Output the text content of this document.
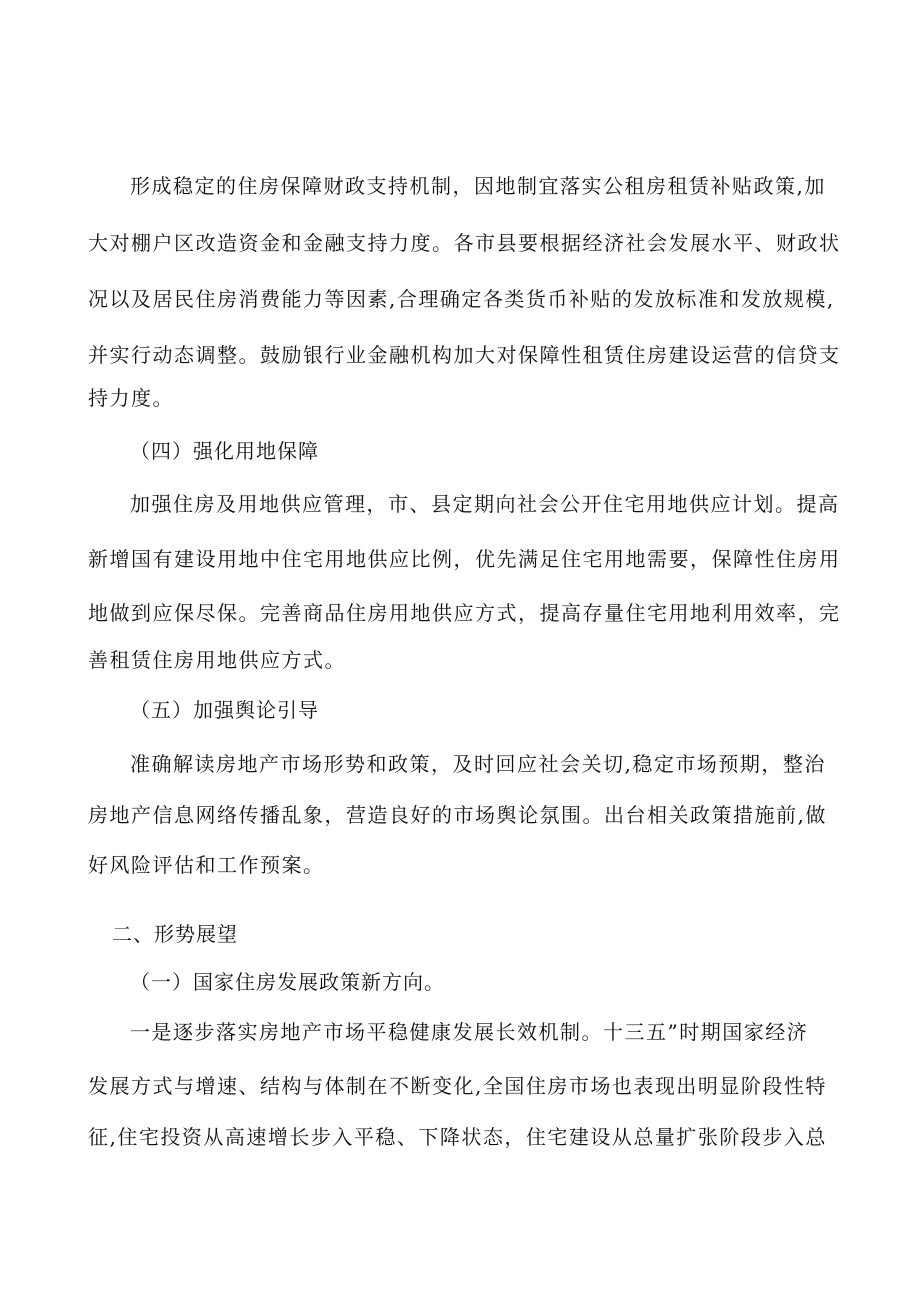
形成稳定的住房保障财政支持机制，因地制宜落实公租房租赁补贴政策,加
大对棚户区改造资金和金融支持力度。各市县要根据经济社会发展水平、财政状
况以及居民住房消费能力等因素,合理确定各类货币补贴的发放标准和发放规模,
并实行动态调整。鼓励银行业金融机构加大对保障性租赁住房建设运营的信贷支
持力度。
（四）强化用地保障
加强住房及用地供应管理，市、县定期向社会公开住宅用地供应计划。提高
新增国有建设用地中住宅用地供应比例，优先满足住宅用地需要，保障性住房用
地做到应保尽保。完善商品住房用地供应方式，提高存量住宅用地利用效率，完
善租赁住房用地供应方式。
（五）加强舆论引导
准确解读房地产市场形势和政策，及时回应社会关切,稳定市场预期，整治
房地产信息网络传播乱象，营造良好的市场舆论氛围。出台相关政策措施前,做
好风险评估和工作预案。
二、形势展望
（一）国家住房发展政策新方向。
一是逐步落实房地产市场平稳健康发展长效机制。十三五”时期国家经济
发展方式与增速、结构与体制在不断变化,全国住房市场也表现出明显阶段性特
征,住宅投资从高速增长步入平稳、下降状态，住宅建设从总量扩张阶段步入总
